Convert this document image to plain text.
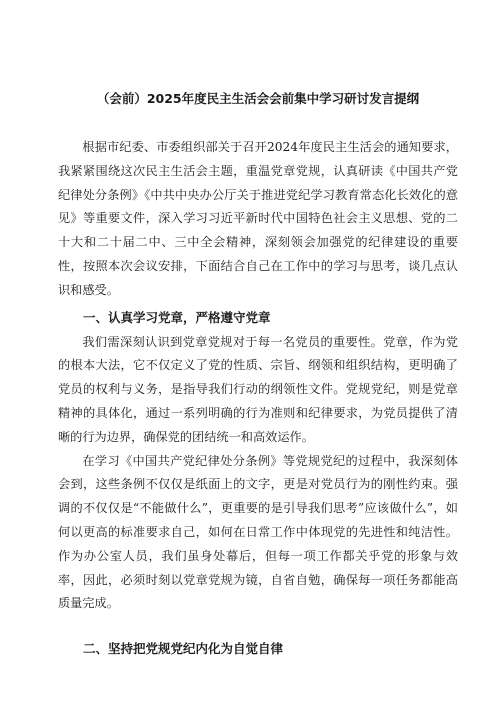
（会前）2025年度民主生活会会前集中学习研讨发言提纲

根据市纪委、市委组织部关于召开2024年度民主生活会的通知要求，我紧紧围绕这次民主生活会主题，重温党章党规，认真研读《中国共产党纪律处分条例》《中共中央办公厅关于推进党纪学习教育常态化长效化的意见》等重要文件，深入学习习近平新时代中国特色社会主义思想、党的二十大和二十届二中、三中全会精神，深刻领会加强党的纪律建设的重要性，按照本次会议安排，下面结合自己在工作中的学习与思考，谈几点认识和感受。

一、认真学习党章，严格遵守党章

我们需深刻认识到党章党规对于每一名党员的重要性。党章，作为党的根本大法，它不仅定义了党的性质、宗旨、纲领和组织结构，更明确了党员的权利与义务，是指导我们行动的纲领性文件。党规党纪，则是党章精神的具体化，通过一系列明确的行为准则和纪律要求，为党员提供了清晰的行为边界，确保党的团结统一和高效运作。

在学习《中国共产党纪律处分条例》等党规党纪的过程中，我深刻体会到，这些条例不仅仅是纸面上的文字，更是对党员行为的刚性约束。强调的不仅仅是“不能做什么”，更重要的是引导我们思考”应该做什么”，如何以更高的标准要求自己，如何在日常工作中体现党的先进性和纯洁性。作为办公室人员，我们虽身处幕后，但每一项工作都关乎党的形象与效率，因此，必须时刻以党章党规为镜，自省自勉，确保每一项任务都能高质量完成。

二、坚持把党规党纪内化为自觉自律
